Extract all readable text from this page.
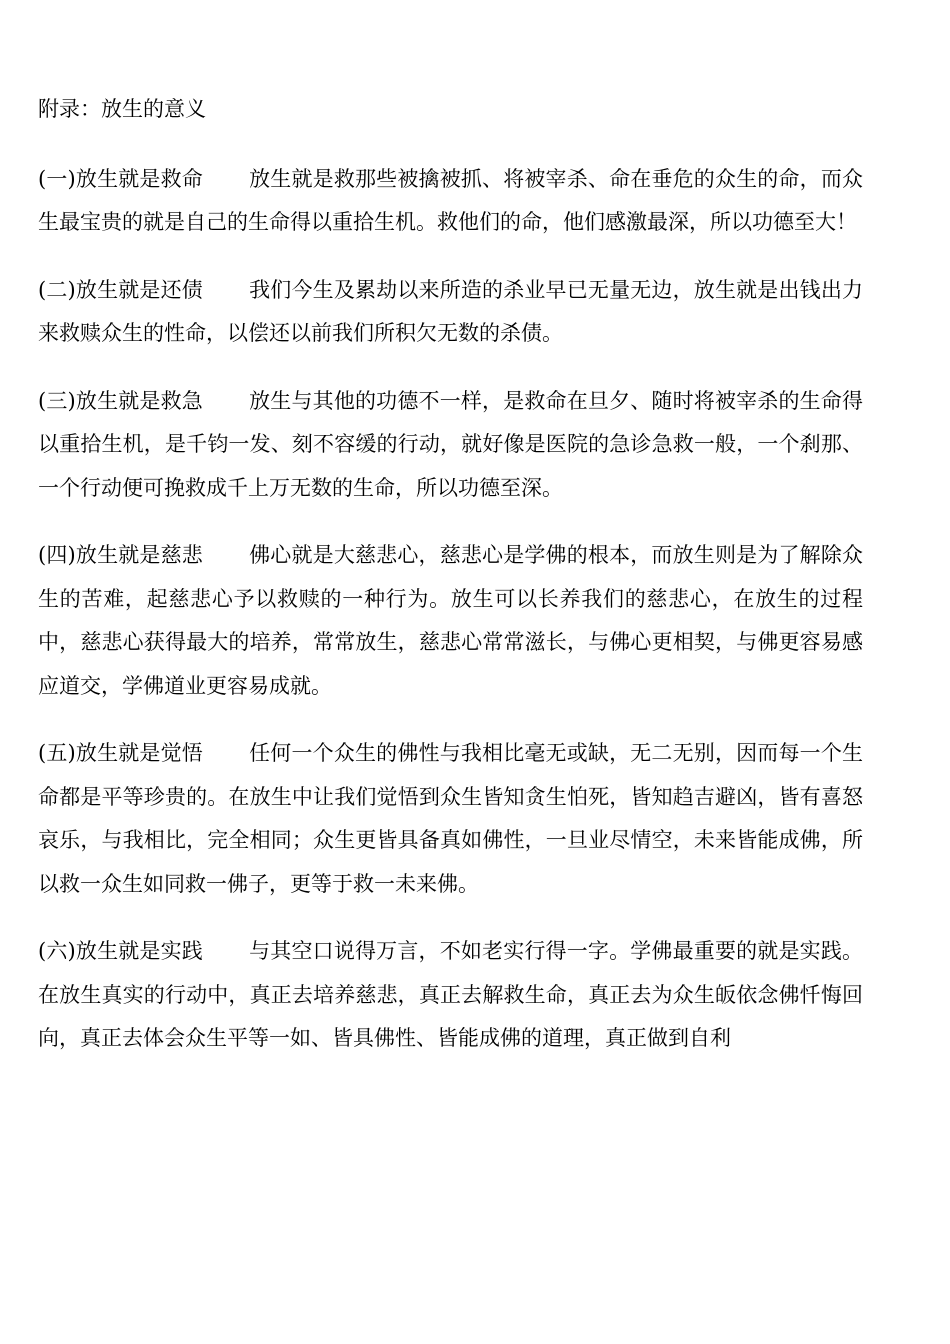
附录：放生的意义

(一)放生就是救命 放生就是救那些被擒被抓、将被宰杀、命在垂危的众生的命，而众生最宝贵的就是自己的生命得以重拾生机。救他们的命，他们感激最深，所以功德至大！

(二)放生就是还债 我们今生及累劫以来所造的杀业早已无量无边，放生就是出钱出力来救赎众生的性命，以偿还以前我们所积欠无数的杀债。

(三)放生就是救急 放生与其他的功德不一样，是救命在旦夕、随时将被宰杀的生命得以重拾生机，是千钧一发、刻不容缓的行动，就好像是医院的急诊急救一般，一个刹那、一个行动便可挽救成千上万无数的生命，所以功德至深。

(四)放生就是慈悲 佛心就是大慈悲心，慈悲心是学佛的根本，而放生则是为了解除众生的苦难，起慈悲心予以救赎的一种行为。放生可以长养我们的慈悲心，在放生的过程中，慈悲心获得最大的培养，常常放生，慈悲心常常滋长，与佛心更相契，与佛更容易感应道交，学佛道业更容易成就。

(五)放生就是觉悟 任何一个众生的佛性与我相比毫无或缺，无二无别，因而每一个生命都是平等珍贵的。在放生中让我们觉悟到众生皆知贪生怕死，皆知趋吉避凶，皆有喜怒哀乐，与我相比，完全相同；众生更皆具备真如佛性，一旦业尽情空，未来皆能成佛，所以救一众生如同救一佛子，更等于救一未来佛。

(六)放生就是实践 与其空口说得万言，不如老实行得一字。学佛最重要的就是实践。在放生真实的行动中，真正去培养慈悲，真正去解救生命，真正去为众生皈依念佛忏悔回向，真正去体会众生平等一如、皆具佛性、皆能成佛的道理，真正做到自利
